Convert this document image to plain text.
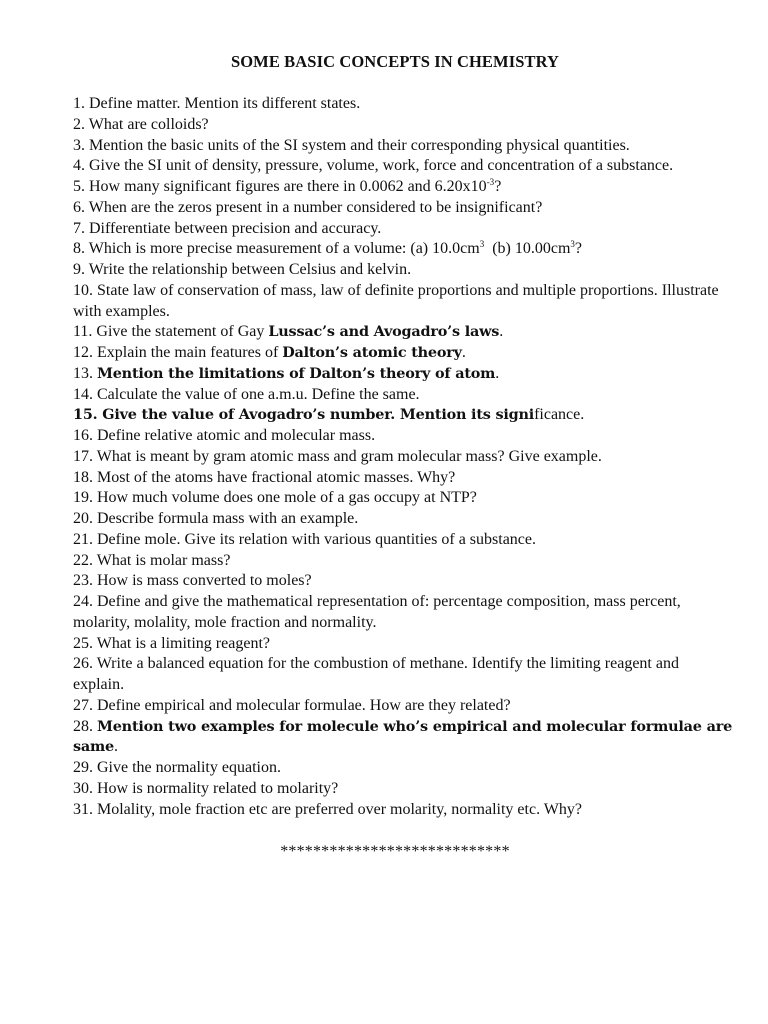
SOME BASIC CONCEPTS IN CHEMISTRY

1. Define matter. Mention its different states.

2. What are colloids?

3. Mention the basic units of the SI system and their corresponding physical quantities.

4. Give the SI unit of density, pressure, volume, work, force and concentration of a substance.

5. How many significant figures are there in 0.0062 and $6.20x10^{-3}$?

6. When are the zeros present in a number considered to be insignificant?

7. Differentiate between precision and accuracy.

8. Which is more precise measurement of a volume: (a) $10.0cm^3$  (b) $10.00cm^3$?

9. Write the relationship between Celsius and kelvin.

10. State law of conservation of mass, law of definite proportions and multiple proportions. Illustrate with examples.

11. Give the statement of Gay Lussac’s and Avogadro’s laws.

12. Explain the main features of Dalton’s atomic theory.

13. Mention the limitations of Dalton’s theory of atom.

14. Calculate the value of one a.m.u. Define the same.

15. Give the value of Avogadro’s number. Mention its significance.

16. Define relative atomic and molecular mass.

17. What is meant by gram atomic mass and gram molecular mass? Give example.

18. Most of the atoms have fractional atomic masses. Why?

19. How much volume does one mole of a gas occupy at NTP?

20. Describe formula mass with an example.

21. Define mole. Give its relation with various quantities of a substance.

22. What is molar mass?

23. How is mass converted to moles?

24. Define and give the mathematical representation of: percentage composition, mass percent, molarity, molality, mole fraction and normality.

25. What is a limiting reagent?

26. Write a balanced equation for the combustion of methane. Identify the limiting reagent and explain.

27. Define empirical and molecular formulae. How are they related?

28. Mention two examples for molecule who’s empirical and molecular formulae are same.

29. Give the normality equation.

30. How is normality related to molarity?

31. Molality, mole fraction etc are preferred over molarity, normality etc. Why?

****************************
